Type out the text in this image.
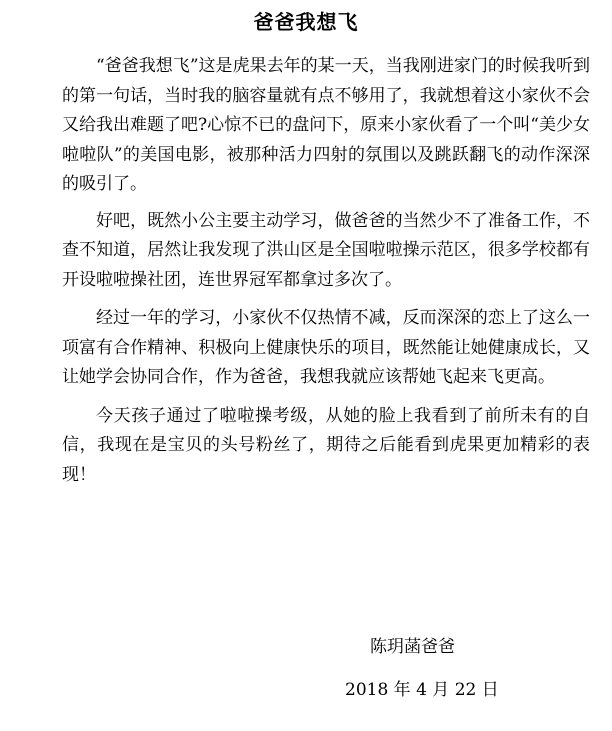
爸爸我想飞

“爸爸我想飞”这是虎果去年的某一天，当我刚进家门的时候我听到的第一句话，当时我的脑容量就有点不够用了，我就想着这小家伙不会又给我出难题了吧?心惊不已的盘问下，原来小家伙看了一个叫“美少女啦啦队”的美国电影，被那种活力四射的氛围以及跳跃翻飞的动作深深的吸引了。

好吧，既然小公主要主动学习，做爸爸的当然少不了准备工作，不查不知道，居然让我发现了洪山区是全国啦啦操示范区，很多学校都有开设啦啦操社团，连世界冠军都拿过多次了。

经过一年的学习，小家伙不仅热情不减，反而深深的恋上了这么一项富有合作精神、积极向上健康快乐的项目，既然能让她健康成长，又让她学会协同合作，作为爸爸，我想我就应该帮她飞起来飞更高。

今天孩子通过了啦啦操考级，从她的脸上我看到了前所未有的自信，我现在是宝贝的头号粉丝了，期待之后能看到虎果更加精彩的表现！

陈玥菡爸爸
2018 年 4 月 22 日
